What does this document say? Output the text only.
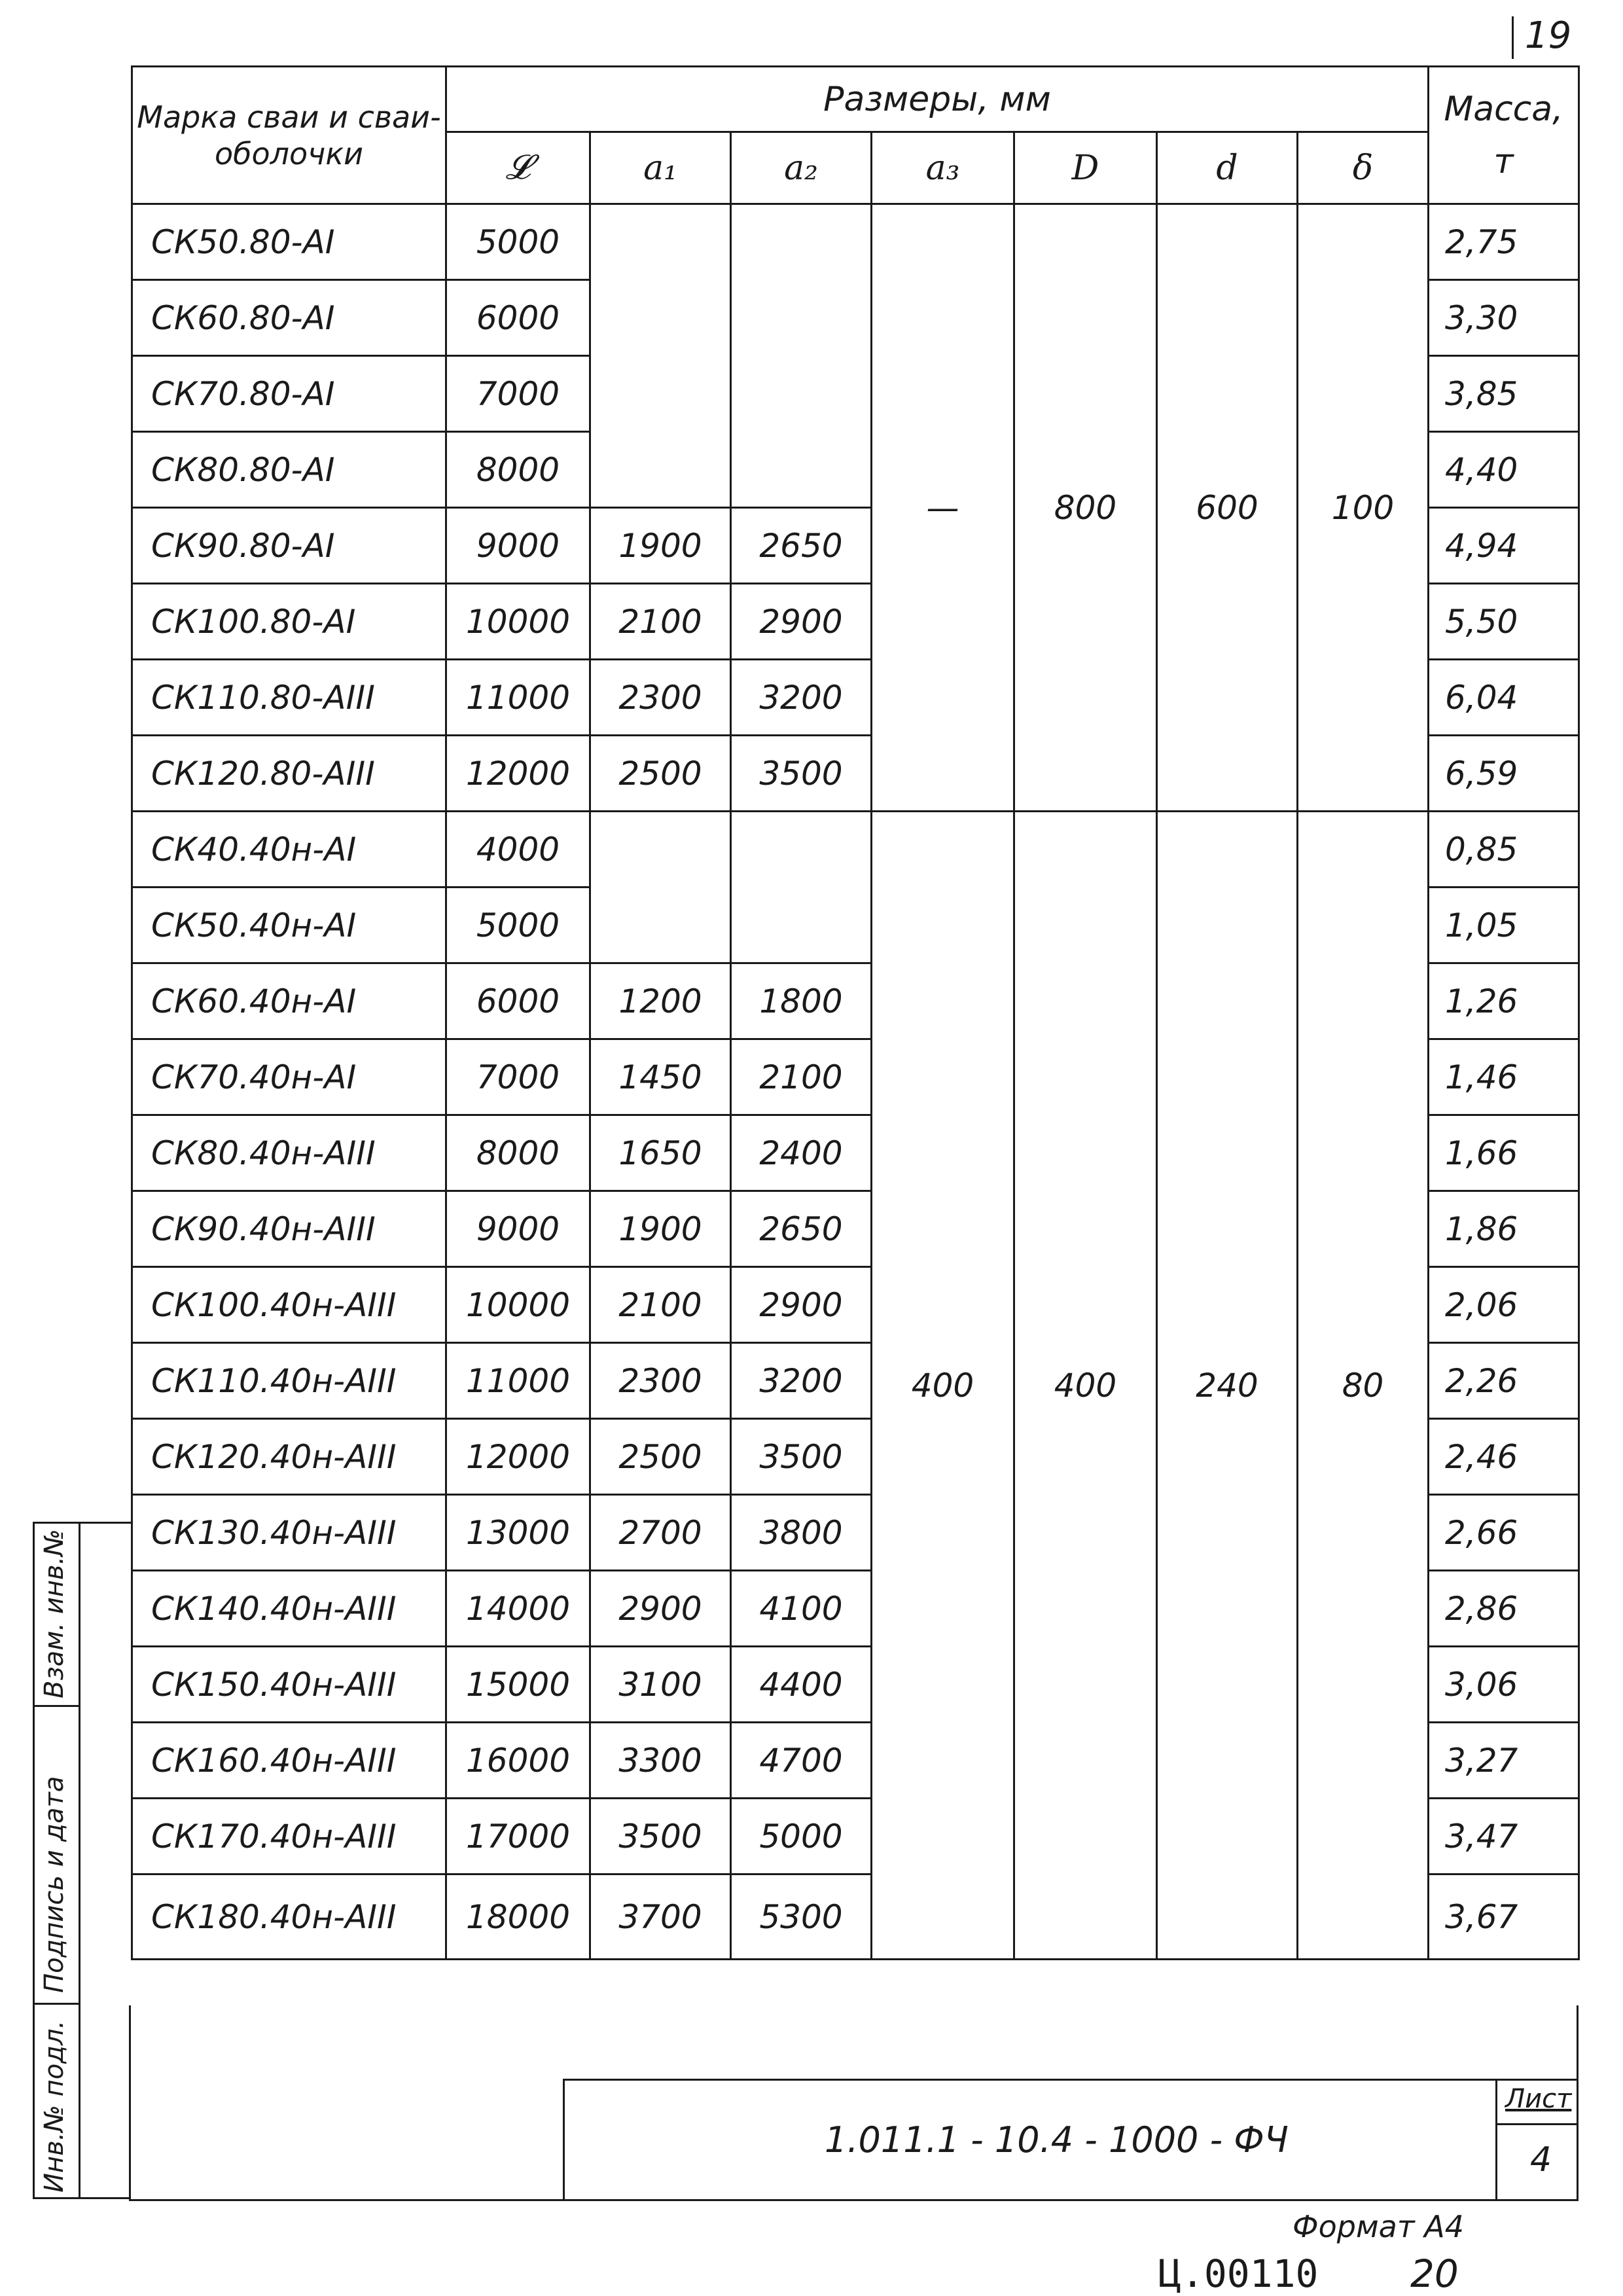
19
Марка сваи и сваи-оболочки	Размеры, мм							Масса, т
	𝓛	a₁	a₂	a₃	D	d	δ	
СК50.80-AI	5000			—	800	600	100	2,75
СК60.80-AI	6000							3,30
СК70.80-AI	7000							3,85
СК80.80-AI	8000							4,40
СК90.80-AI	9000	1900	2650					4,94
СК100.80-AI	10000	2100	2900					5,50
СК110.80-AIII	11000	2300	3200					6,04
СК120.80-AIII	12000	2500	3500					6,59
СК40.40н-AI	4000			400	400	240	80	0,85
СК50.40н-AI	5000							1,05
СК60.40н-AI	6000	1200	1800					1,26
СК70.40н-AI	7000	1450	2100					1,46
СК80.40н-AIII	8000	1650	2400					1,66
СК90.40н-AIII	9000	1900	2650					1,86
СК100.40н-AIII	10000	2100	2900					2,06
СК110.40н-AIII	11000	2300	3200					2,26
СК120.40н-AIII	12000	2500	3500					2,46
СК130.40н-AIII	13000	2700	3800					2,66
СК140.40н-AIII	14000	2900	4100					2,86
СК150.40н-AIII	15000	3100	4400					3,06
СК160.40н-AIII	16000	3300	4700					3,27
СК170.40н-AIII	17000	3500	5000					3,47
СК180.40н-AIII	18000	3700	5300					3,67
1.011.1 - 10.4 - 1000 - ФЧ
Лист
4
Взам. инв.№
Подпись и дата
Инв.№ подл.
Формат А4
Ц.00110 20
